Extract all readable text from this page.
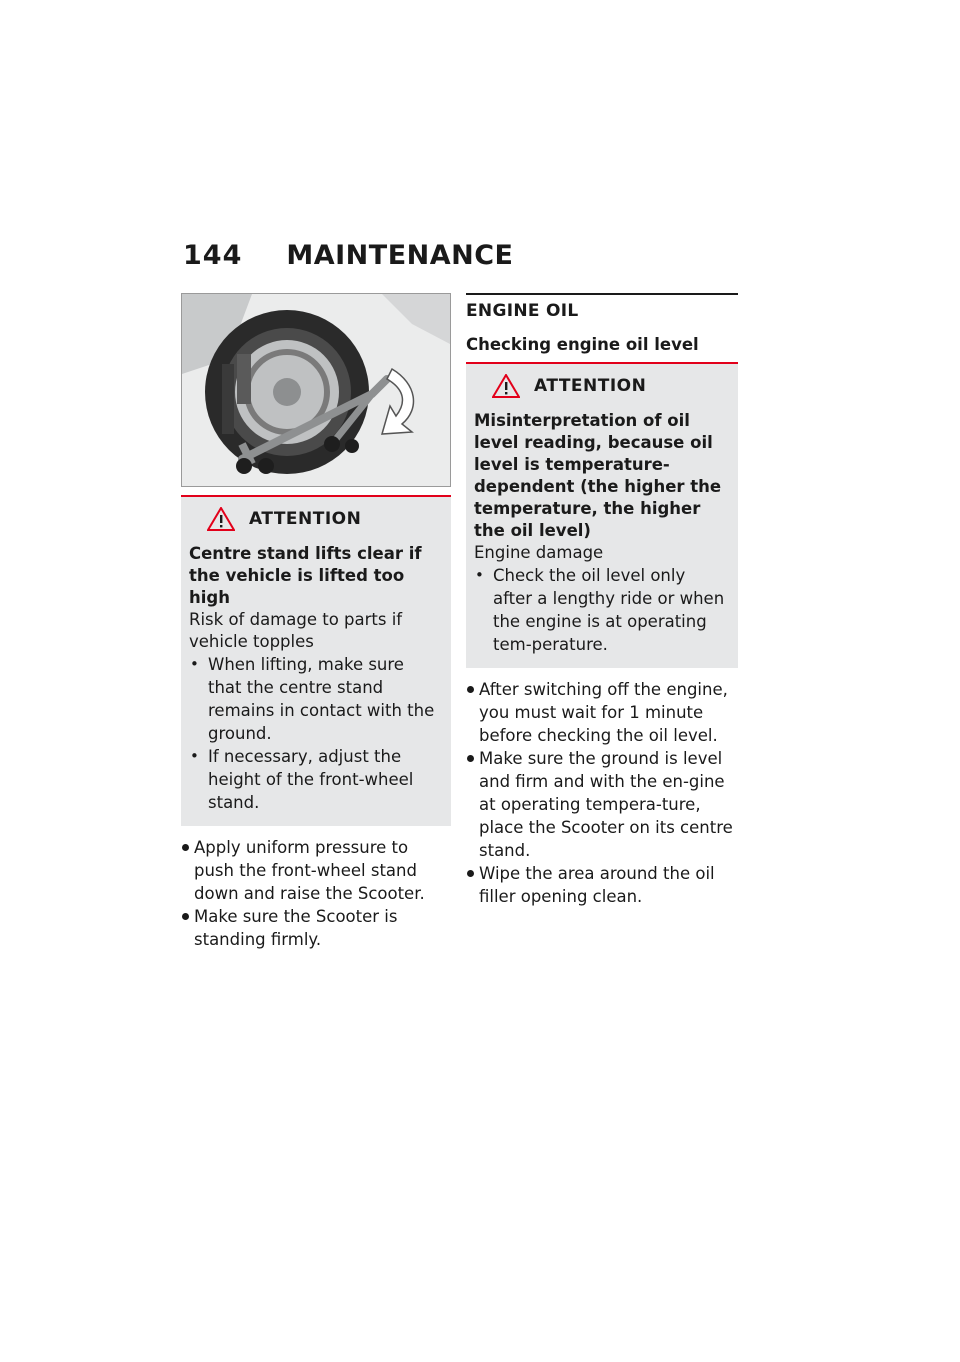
144 MAINTENANCE
ATTENTION
Centre stand lifts clear if the vehicle is lifted too high
Risk of damage to parts if vehicle topples
• When lifting, make sure that the centre stand remains in contact with the ground.
• If necessary, adjust the height of the front-wheel stand.
Apply uniform pressure to push the front-wheel stand down and raise the Scooter.
Make sure the Scooter is standing firmly.
ENGINE OIL
Checking engine oil level
ATTENTION
Misinterpretation of oil level reading, because oil level is temperature-dependent (the higher the temperature, the higher the oil level)
Engine damage
• Check the oil level only after a lengthy ride or when the engine is at operating tem-perature.
After switching off the engine, you must wait for 1 minute before checking the oil level.
Make sure the ground is level and firm and with the en-gine at operating tempera-ture, place the Scooter on its centre stand.
Wipe the area around the oil filler opening clean.
